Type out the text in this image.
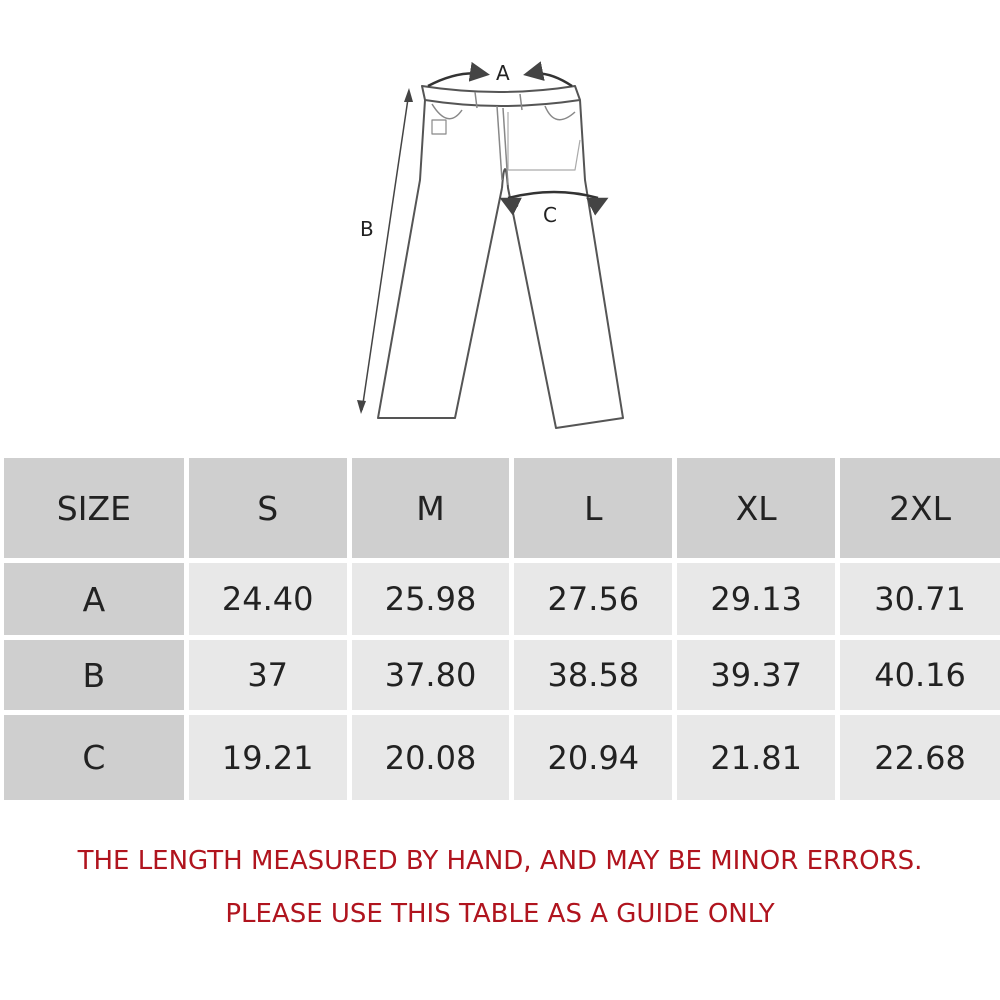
A
B
C
SIZE	S	M	L	XL	2XL
A	24.40	25.98	27.56	29.13	30.71
B	37	37.80	38.58	39.37	40.16
C	19.21	20.08	20.94	21.81	22.68
THE LENGTH MEASURED BY HAND, AND MAY BE MINOR ERRORS.
PLEASE USE THIS TABLE AS A GUIDE ONLY
